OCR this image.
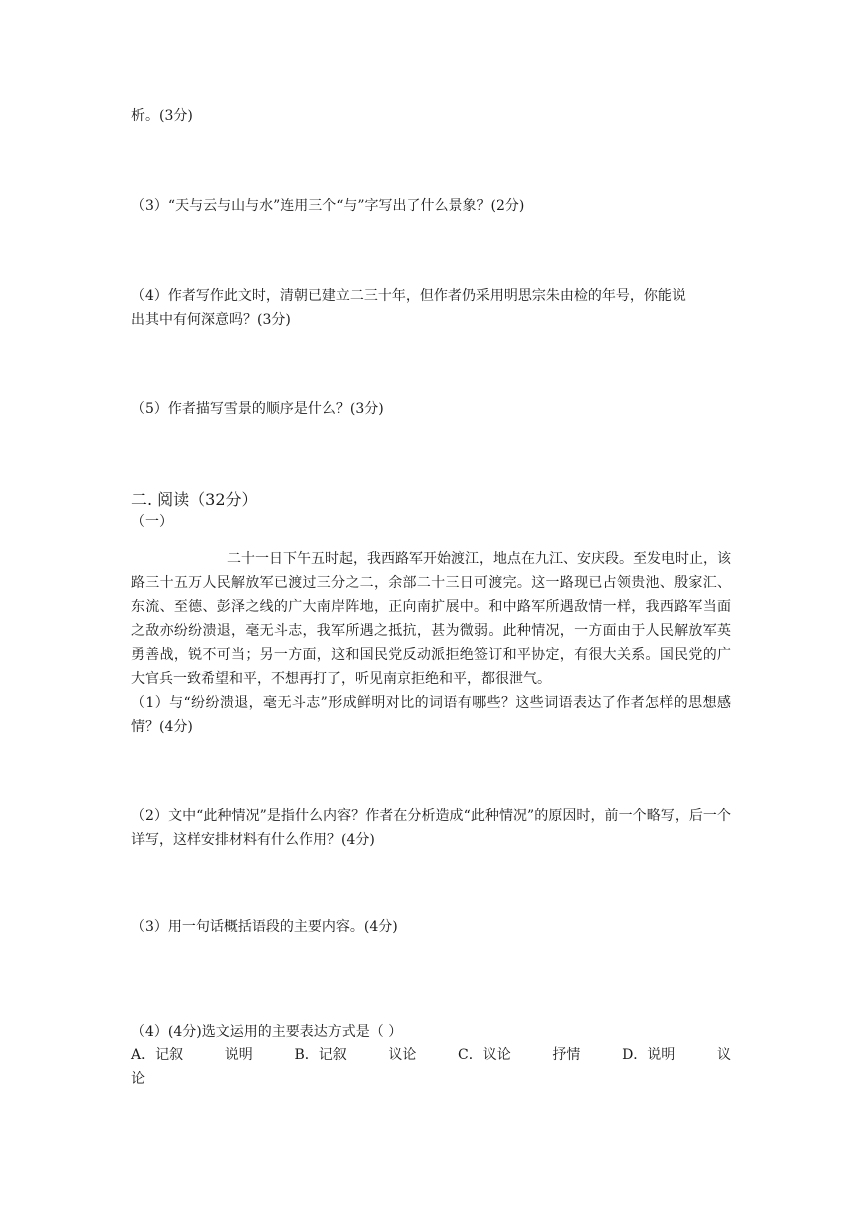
析。(3分)
（3）“天与云与山与水”连用三个“与”字写出了什么景象？(2分)
（4）作者写作此文时，清朝已建立二三十年，但作者仍采用明思宗朱由检的年号，你能说
出其中有何深意吗？(3分)
（5）作者描写雪景的顺序是什么？(3分)
二. 阅读（32分）
（一）

二十一日下午五时起，我西路军开始渡江，地点在九江、安庆段。至发电时止，该路三十五万人民解放军已渡过三分之二，余部二十三日可渡完。这一路现已占领贵池、殷家汇、东流、至德、彭泽之线的广大南岸阵地，正向南扩展中。和中路军所遇敌情一样，我西路军当面之敌亦纷纷溃退，毫无斗志，我军所遇之抵抗，甚为微弱。此种情况，一方面由于人民解放军英勇善战，锐不可当；另一方面，这和国民党反动派拒绝签订和平协定，有很大关系。国民党的广大官兵一致希望和平，不想再打了，听见南京拒绝和平，都很泄气。

（1）与“纷纷溃退，毫无斗志”形成鲜明对比的词语有哪些？这些词语表达了作者怎样的思想感情？(4分)

（2）文中“此种情况”是指什么内容？作者在分析造成“此种情况”的原因时，前一个略写，后一个详写，这样安排材料有什么作用？(4分)
（3）用一句话概括语段的主要内容。(4分)
（4）(4分)选文运用的主要表达方式是（ ）
A．记叙	说明	B．记叙	议论	C．议论	抒情	D．说明	议
论
